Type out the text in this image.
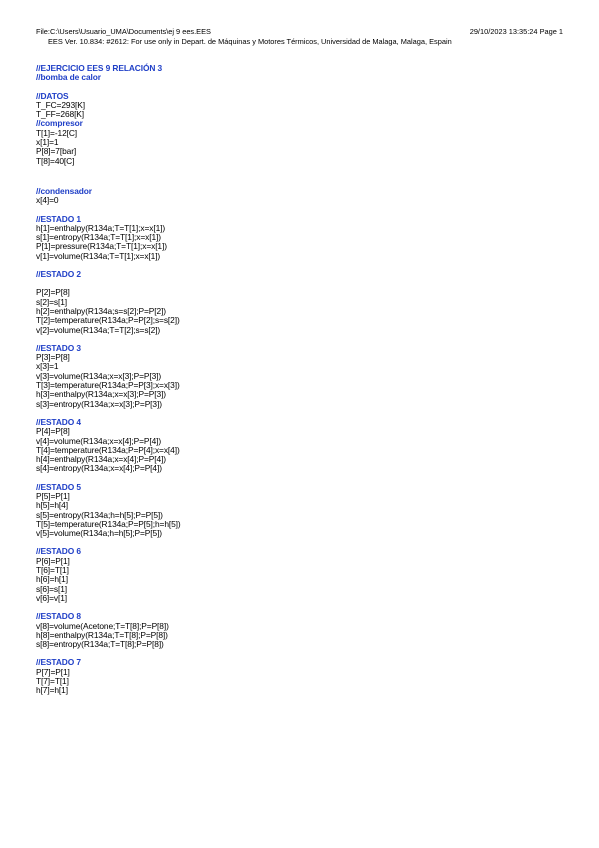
File:C:\Users\Usuario_UMA\Documents\ej 9 ees.EES	29/10/2023 13:35:24 Page 1
EES Ver. 10.834: #2612: For use only in Depart. de Máquinas y Motores Térmicos, Universidad de Malaga, Malaga, Espain
//EJERCICIO EES 9 RELACIÓN 3
//bomba de calor
//DATOS
T_FC=293[K]
T_FF=268[K]
//compresor
T[1]=-12[C]
x[1]=1
P[8]=7[bar]
T[8]=40[C]
//condensador
x[4]=0
//ESTADO 1
h[1]=enthalpy(R134a;T=T[1];x=x[1])
s[1]=entropy(R134a;T=T[1];x=x[1])
P[1]=pressure(R134a;T=T[1];x=x[1])
v[1]=volume(R134a;T=T[1];x=x[1])
//ESTADO 2
P[2]=P[8]
s[2]=s[1]
h[2]=enthalpy(R134a;s=s[2];P=P[2])
T[2]=temperature(R134a;P=P[2];s=s[2])
v[2]=volume(R134a;T=T[2];s=s[2])
//ESTADO 3
P[3]=P[8]
x[3]=1
v[3]=volume(R134a;x=x[3];P=P[3])
T[3]=temperature(R134a;P=P[3];x=x[3])
h[3]=enthalpy(R134a;x=x[3];P=P[3])
s[3]=entropy(R134a;x=x[3];P=P[3])
//ESTADO 4
P[4]=P[8]
v[4]=volume(R134a;x=x[4];P=P[4])
T[4]=temperature(R134a;P=P[4];x=x[4])
h[4]=enthalpy(R134a;x=x[4];P=P[4])
s[4]=entropy(R134a;x=x[4];P=P[4])
//ESTADO 5
P[5]=P[1]
h[5]=h[4]
s[5]=entropy(R134a;h=h[5];P=P[5])
T[5]=temperature(R134a;P=P[5];h=h[5])
v[5]=volume(R134a;h=h[5];P=P[5])
//ESTADO 6
P[6]=P[1]
T[6]=T[1]
h[6]=h[1]
s[6]=s[1]
v[6]=v[1]
//ESTADO 8
v[8]=volume(Acetone;T=T[8];P=P[8])
h[8]=enthalpy(R134a;T=T[8];P=P[8])
s[8]=entropy(R134a;T=T[8];P=P[8])
//ESTADO 7
P[7]=P[1]
T[7]=T[1]
h[7]=h[1]
